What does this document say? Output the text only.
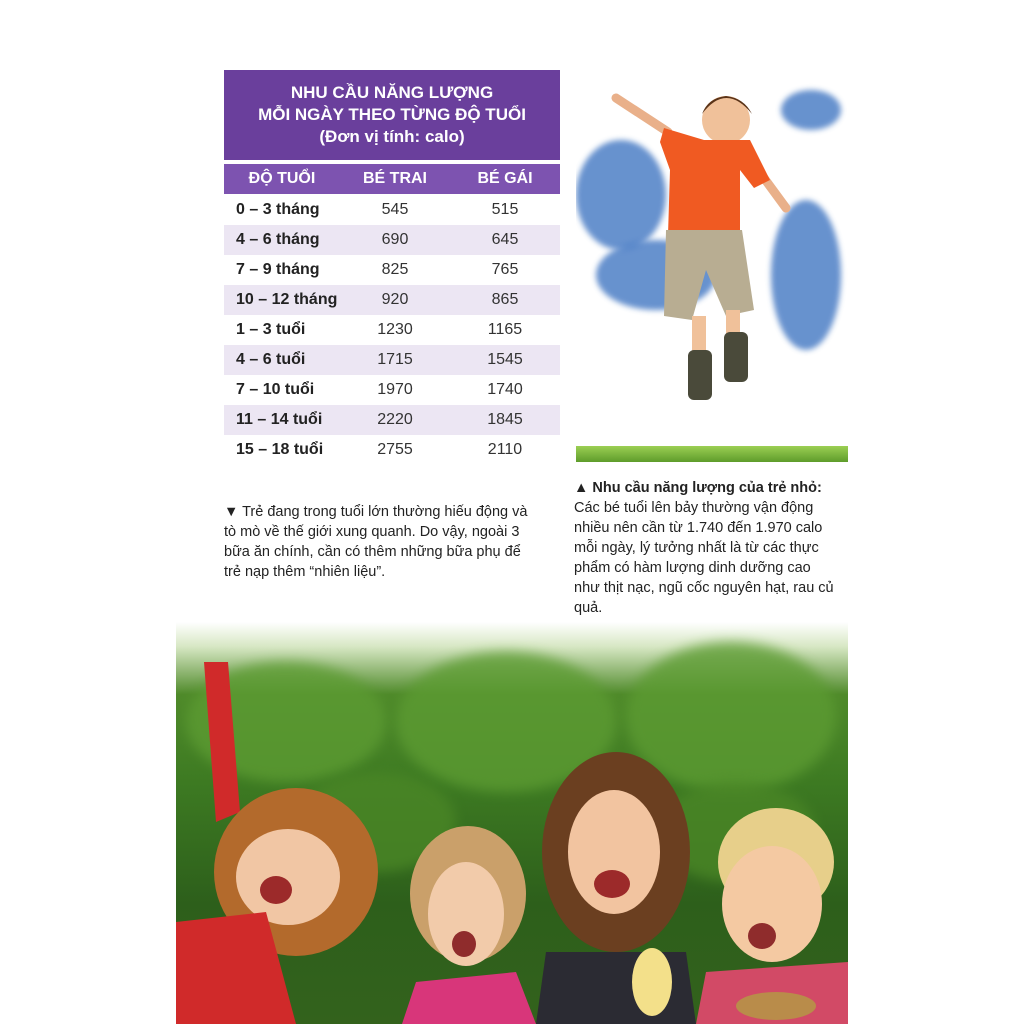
NHU CẦU NĂNG LƯỢNG
MỖI NGÀY THEO TỪNG ĐỘ TUỔI
(Đơn vị tính: calo)
ĐỘ TUỔI	BÉ TRAI	BÉ GÁI
0 – 3 tháng	545	515
4 – 6 tháng	690	645
7 – 9 tháng	825	765
10 – 12 tháng	920	865
1 – 3 tuổi	1230	1165
4 – 6 tuổi	1715	1545
7 – 10 tuổi	1970	1740
11 – 14 tuổi	2220	1845
15 – 18 tuổi	2755	2110
▼ Trẻ đang trong tuổi lớn thường hiếu động và tò mò về thế giới xung quanh. Do vậy, ngoài 3 bữa ăn chính, cần có thêm những bữa phụ để trẻ nạp thêm “nhiên liệu”.
▲ Nhu cầu năng lượng của trẻ nhỏ: Các bé tuổi lên bảy thường vận động nhiều nên cần từ 1.740 đến 1.970 calo mỗi ngày, lý tưởng nhất là từ các thực phẩm có hàm lượng dinh dưỡng cao như thịt nạc, ngũ cốc nguyên hạt, rau củ quả.
